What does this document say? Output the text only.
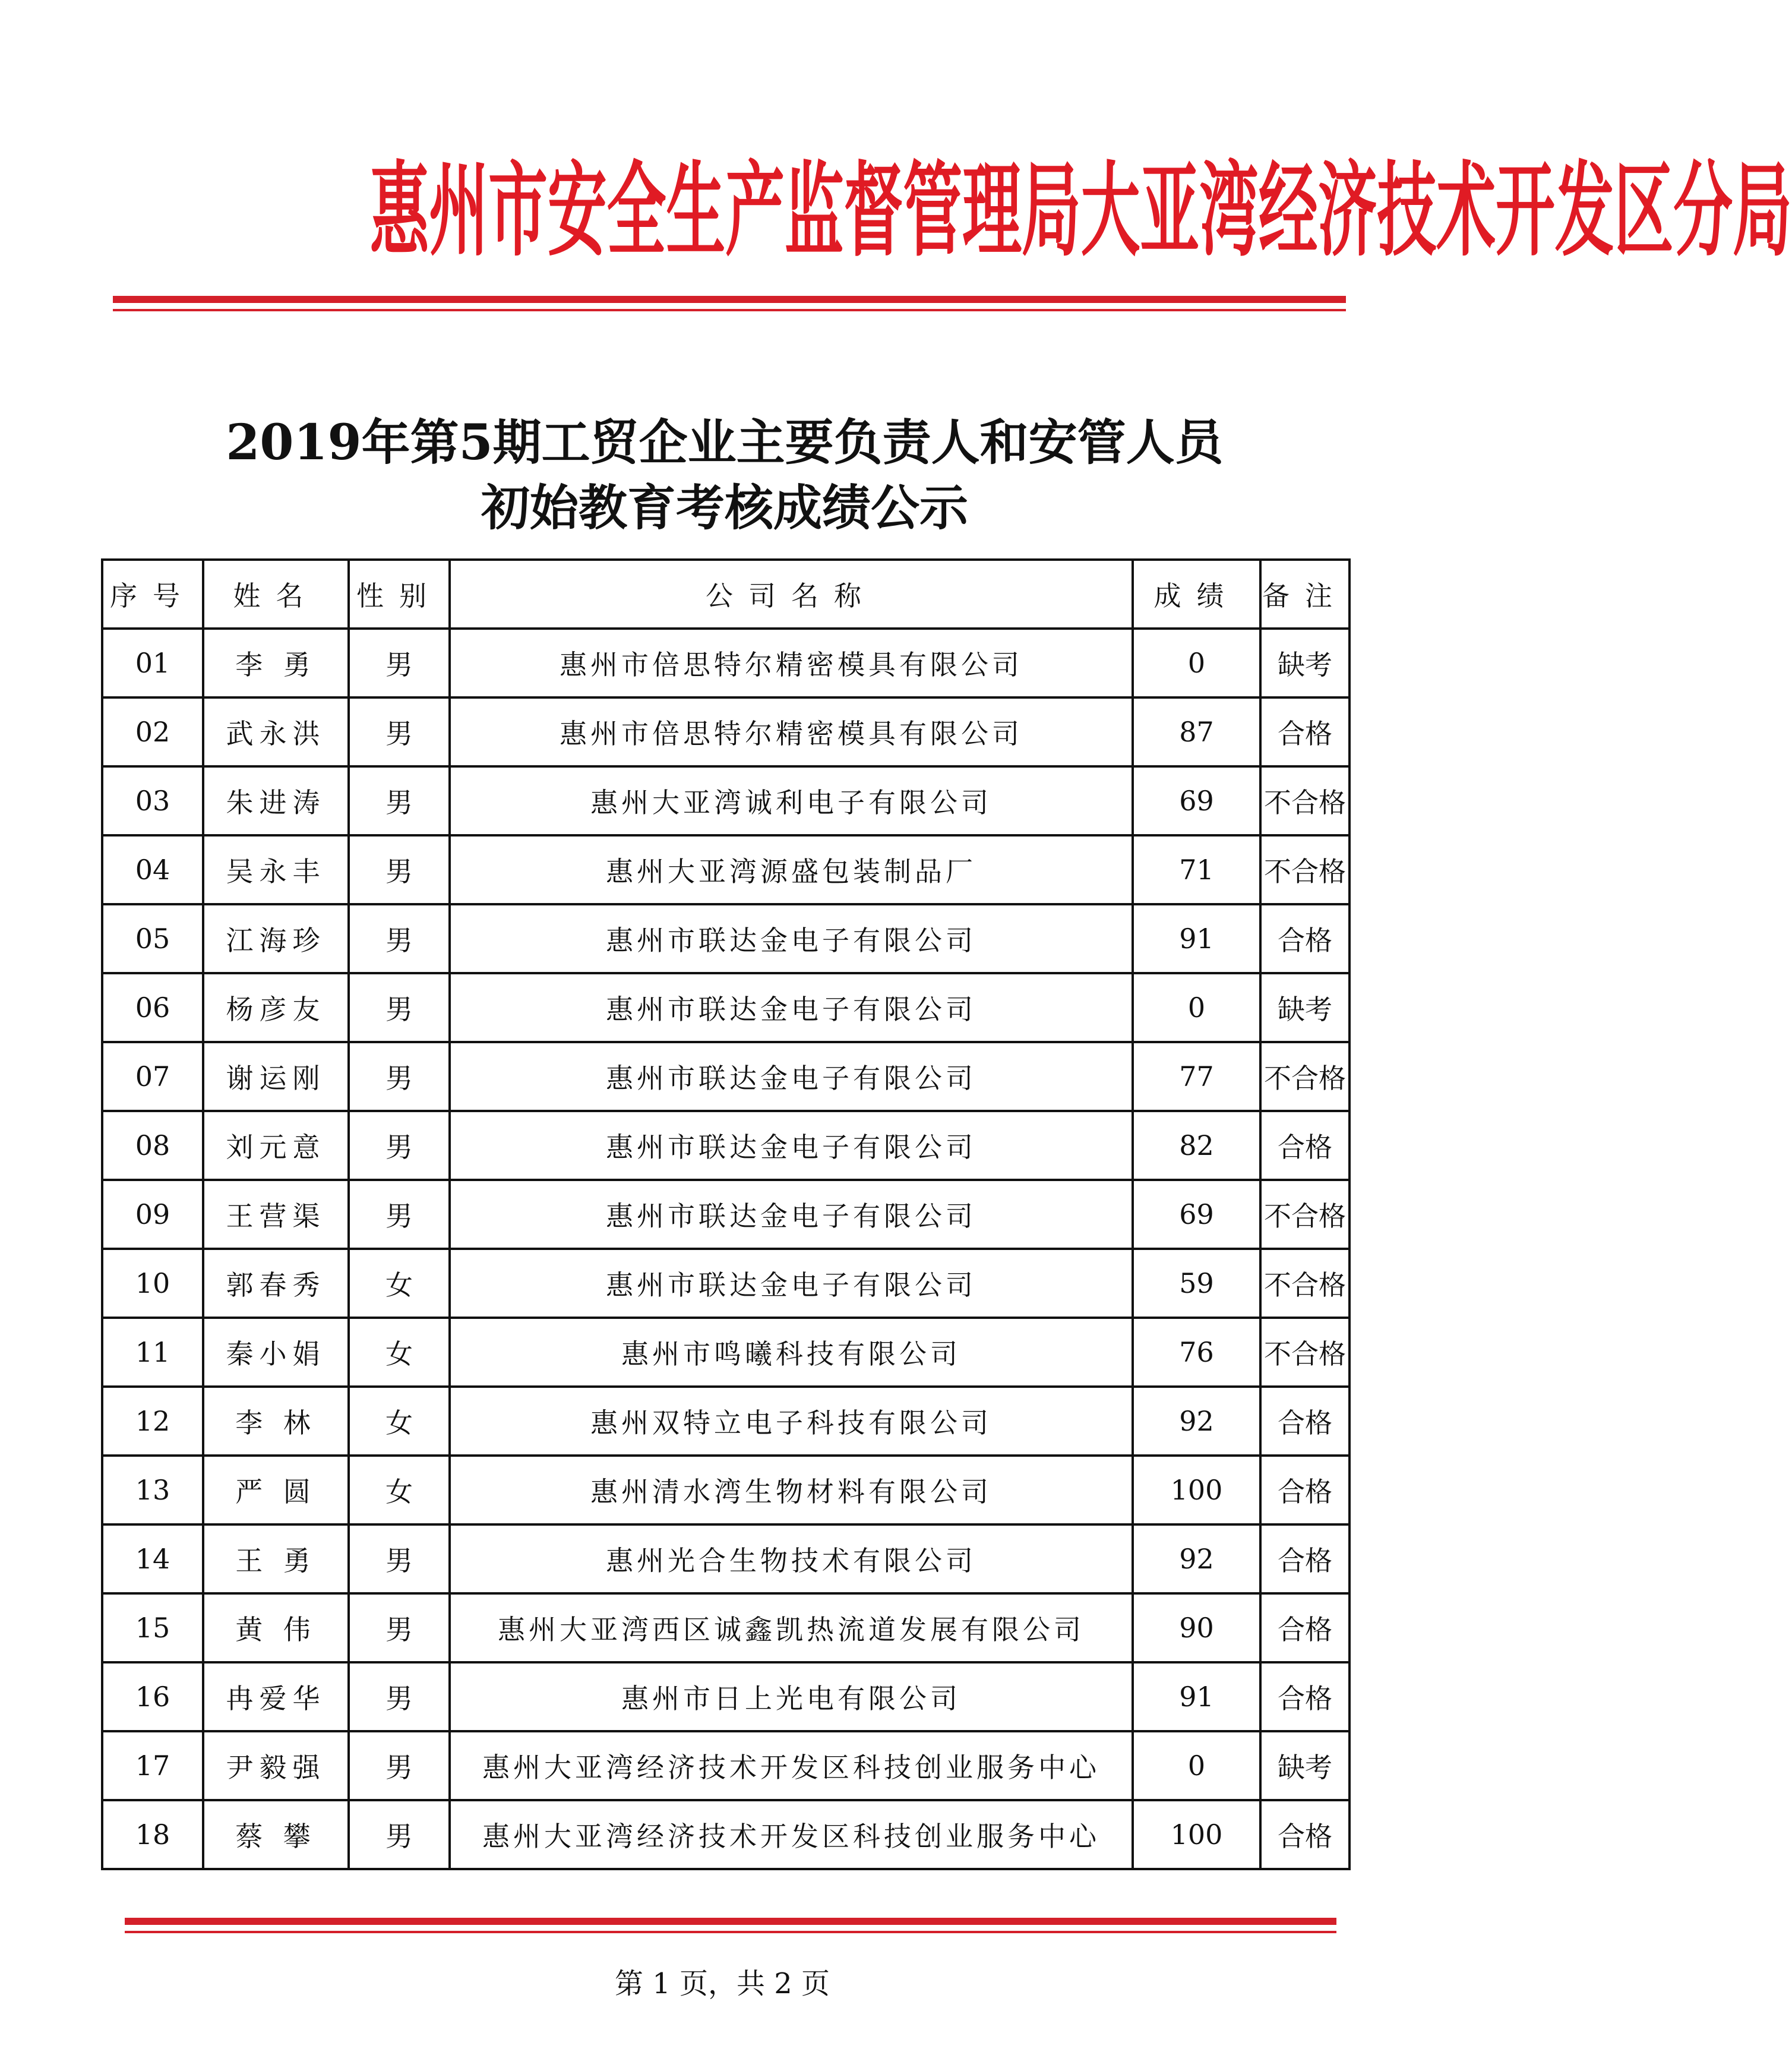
惠州市安全生产监督管理局大亚湾经济技术开发区分局
2019年第5期工贸企业主要负责人和安管人员
初始教育考核成绩公示
序号	姓名	性别	公司名称	成绩	备注
01	李 勇	男	惠州市倍思特尔精密模具有限公司	0	缺考
02	武永洪	男	惠州市倍思特尔精密模具有限公司	87	合格
03	朱进涛	男	惠州大亚湾诚利电子有限公司	69	不合格
04	吴永丰	男	惠州大亚湾源盛包装制品厂	71	不合格
05	江海珍	男	惠州市联达金电子有限公司	91	合格
06	杨彦友	男	惠州市联达金电子有限公司	0	缺考
07	谢运刚	男	惠州市联达金电子有限公司	77	不合格
08	刘元意	男	惠州市联达金电子有限公司	82	合格
09	王营渠	男	惠州市联达金电子有限公司	69	不合格
10	郭春秀	女	惠州市联达金电子有限公司	59	不合格
11	秦小娟	女	惠州市鸣曦科技有限公司	76	不合格
12	李 林	女	惠州双特立电子科技有限公司	92	合格
13	严 圆	女	惠州清水湾生物材料有限公司	100	合格
14	王 勇	男	惠州光合生物技术有限公司	92	合格
15	黄 伟	男	惠州大亚湾西区诚鑫凯热流道发展有限公司	90	合格
16	冉爱华	男	惠州市日上光电有限公司	91	合格
17	尹毅强	男	惠州大亚湾经济技术开发区科技创业服务中心	0	缺考
18	蔡 攀	男	惠州大亚湾经济技术开发区科技创业服务中心	100	合格
第 1 页，共 2 页
